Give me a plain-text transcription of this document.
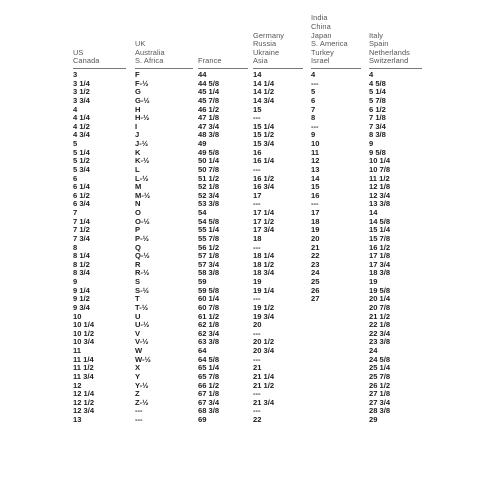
US
Canada
3
3 1/4
3 1/2
3 3/4
4
4 1/4
4 1/2
4 3/4
5
5 1/4
5 1/2
5 3/4
6
6 1/4
6 1/2
6 3/4
7
7 1/4
7 1/2
7 3/4
8
8 1/4
8 1/2
8 3/4
9
9 1/4
9 1/2
9 3/4
10
10 1/4
10 1/2
10 3/4
11
11 1/4
11 1/2
11 3/4
12
12 1/4
12 1/2
12 3/4
13
UK
Australia
S. Africa
F
F-½
G
G-½
H
H-½
I
J
J-½
K
K-½
L
L-½
M
M-½
N
O
O-½
P
P-½
Q
Q-½
R
R-½
S
S-½
T
T-½
U
U-½
V
V-½
W
W-½
X
Y
Y-½
Z
Z-½
---
---
France
44
44 5/8
45 1/4
45 7/8
46 1/2
47 1/8
47 3/4
48 3/8
49
49 5/8
50 1/4
50 7/8
51 1/2
52 1/8
52 3/4
53 3/8
54
54 5/8
55 1/4
55 7/8
56 1/2
57 1/8
57 3/4
58 3/8
59
59 5/8
60 1/4
60 7/8
61 1/2
62 1/8
62 3/4
63 3/8
64
64 5/8
65 1/4
65 7/8
66 1/2
67 1/8
67 3/4
68 3/8
69
Germany
Russia
Ukraine
Asia
14
14 1/4
14 1/2
14 3/4
15
---
15 1/4
15 1/2
15 3/4
16
16 1/4
---
16 1/2
16 3/4
17
---
17 1/4
17 1/2
17 3/4
18
---
18 1/4
18 1/2
18 3/4
19
19 1/4
---
19 1/2
19 3/4
20
---
20 1/2
20 3/4
---
21
21 1/4
21 1/2
---
21 3/4
---
22
India
China
Japan
S. America
Turkey
Israel
4
---
5
6
7
8
---
9
10
11
12
13
14
15
16
---
17
18
19
20
21
22
23
24
25
26
27
Italy
Spain
Netherlands
Switzerland
4
4 5/8
5 1/4
5 7/8
6 1/2
7 1/8
7 3/4
8 3/8
9
9 5/8
10 1/4
10 7/8
11 1/2
12 1/8
12 3/4
13 3/8
14
14 5/8
15 1/4
15 7/8
16 1/2
17 1/8
17 3/4
18 3/8
19
19 5/8
20 1/4
20 7/8
21 1/2
22 1/8
22 3/4
23 3/8
24
24 5/8
25 1/4
25 7/8
26 1/2
27 1/8
27 3/4
28 3/8
29
